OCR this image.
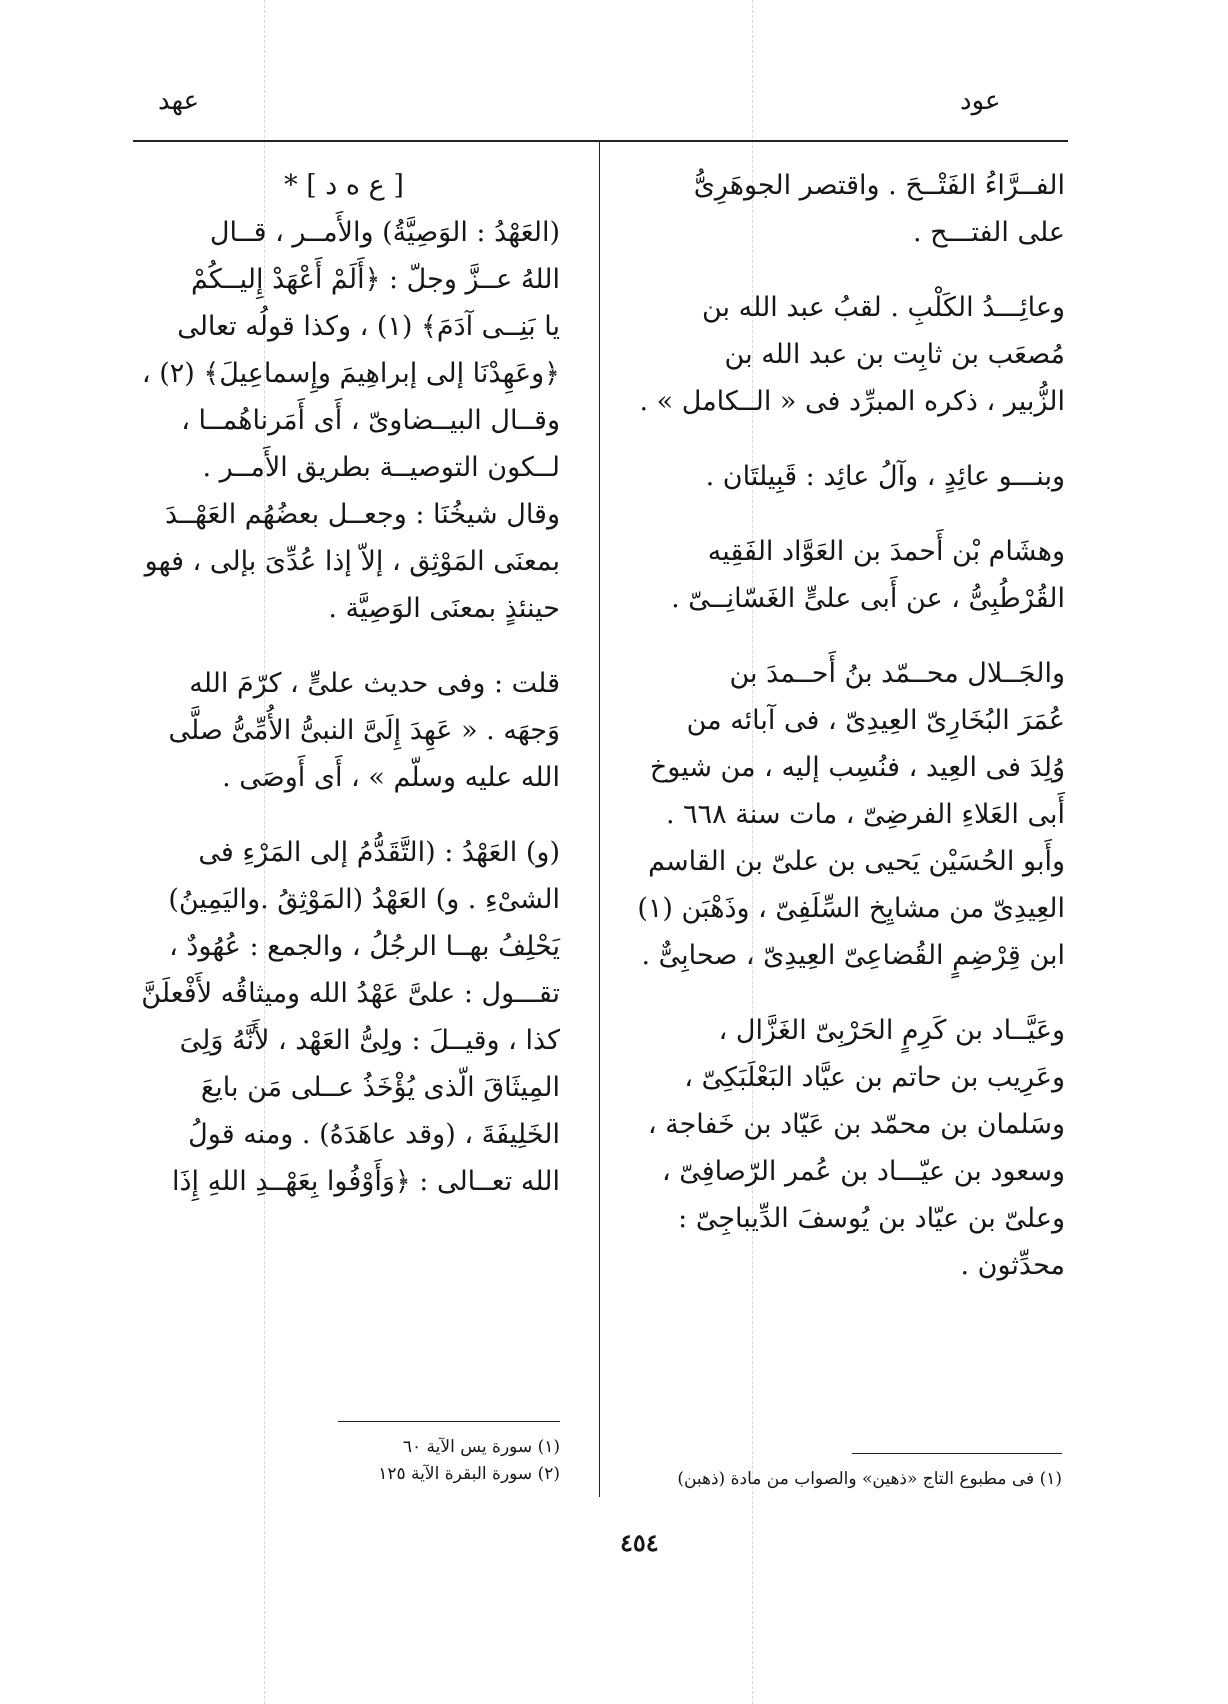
عهد	عود

الفــرَّاءُ الفَتْــحَ . واقتصر الجوهَرِىُّ

على الفتـــح .

وعائِـــدُ الكَلْبِ . لقبُ عبد الله بن

مُصعَب بن ثابِت بن عبد الله بن

الزُّبير ، ذكره المبرِّد فى « الــكامل » .

وبنـــو عائِدٍ ، وآلُ عائِد : قَبِيلتَان .

وهشَام بْن أَحمدَ بن العَوَّاد الفَقِيه

القُرْطُبِىُّ ، عن أَبى علىٍّ الغَسّانِــىّ .

والجَــلال محــمّد بنُ أَحــمدَ بن

عُمَرَ البُخَارِىّ العِيدِىّ ، فى آبائه من

وُلِدَ فى العِيد ، فنُسِب إليه ، من شيوخ

أَبى العَلاءِ الفرضِىّ ، مات سنة ٦٦٨ .

وأَبو الحُسَيْن يَحيى بن علىّ بن القاسم

العِيدِىّ من مشايِخ السِّلَفِىّ ، وذَهْبَن (١)

ابن قِرْضِمٍ القُضاعِىّ العِيدِىّ ، صحابِىٌّ .

وعَيَّــاد بن كَرِمٍ الحَرْبِىّ الغَزَّال ،

وعَرِيب بن حاتم بن عيَّاد البَعْلَبَكِىّ ،

وسَلمان بن محمّد بن عَيّاد بن خَفاجة ،

وسعود بن عيّـــاد بن عُمر الرّصافِىّ ،

وعلىّ بن عيّاد بن يُوسفَ الدِّيباجِىّ :

محدِّثون .

[ ع ه د ] *

(العَهْدُ : الوَصِيَّةُ) والأَمــر ، قــال

اللهُ عــزَّ وجلّ : ﴿أَلَمْ أَعْهَدْ إِليــكُمْ

يا بَنِــى آدَمَ﴾ (١) ، وكذا قولُه تعالى

﴿وعَهِدْنَا إلى إبراهِيمَ وإِسماعِيلَ﴾ (٢) ،

وقــال البيــضاوىّ ، أَى أَمَرناهُمــا ،

لــكون التوصيــة بطريق الأَمــر .

وقال شيخُنَا : وجعــل بعضُهُم العَهْــدَ

بمعنَى المَوْثِق ، إلاّ إذا عُدِّىَ بإلى ، فهو

حينئذٍ بمعنَى الوَصِيَّة .

قلت : وفى حديث علىٍّ ، كرّمَ الله

وَجهَه . « عَهِدَ إِلَىَّ النبىُّ الأُمِّىُّ صلَّى

الله عليه وسلّم » ، أَى أَوصَى .

(و) العَهْدُ : (التَّقَدُّمُ إلى المَرْءِ فى

الشىْءِ . و) العَهْدُ (المَوْثِقُ .واليَمِينُ)

يَحْلِفُ بهــا الرجُلُ ، والجمع : عُهُودٌ ،

تقـــول : علىَّ عَهْدُ الله وميثاقُه لأَفْعلَنَّ

كذا ، وقيــلَ : ولِىُّ العَهْد ، لأَنَّهُ وَلِىَ

المِيثَاقَ الّذى يُؤْخَذُ عــلى مَن بايعَ

الخَلِيفَةَ ، (وقد عاهَدَهُ) . ومنه قولُ

الله تعــالى : ﴿وَأَوْفُوا بِعَهْــدِ اللهِ إِذَا

(١) سورة يس الآية ٦٠
(٢) سورة البقرة الآية ١٢٥	(١) فى مطبوع التاج «ذهين» والصواب من مادة (ذهبن)
٤٥٤
